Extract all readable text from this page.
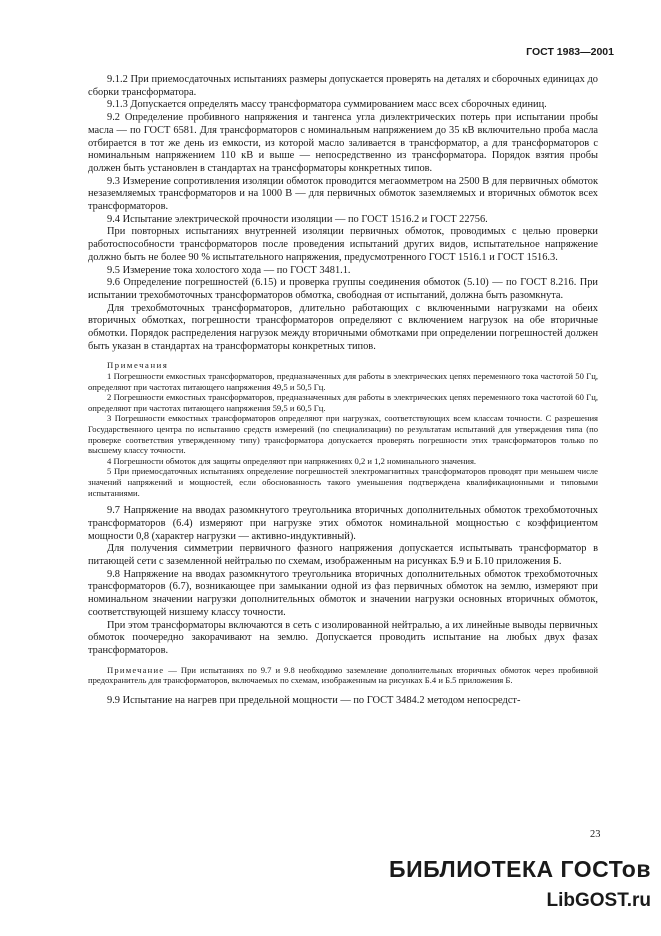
ГОСТ 1983—2001

9.1.2 При приемосдаточных испытаниях размеры допускается проверять на деталях и сборочных единицах до сборки трансформатора.

9.1.3 Допускается определять массу трансформатора суммированием масс всех сборочных единиц.

9.2 Определение пробивного напряжения и тангенса угла диэлектрических потерь при испытании пробы масла — по ГОСТ 6581. Для трансформаторов с номинальным напряжением до 35 кВ включительно проба масла отбирается в тот же день из емкости, из которой масло заливается в трансформатор, а для трансформаторов с номинальным напряжением 110 кВ и выше — непосредственно из трансформатора. Порядок взятия пробы должен быть установлен в стандартах на трансформаторы конкретных типов.

9.3 Измерение сопротивления изоляции обмоток проводится мегаомметром на 2500 В для первичных обмоток незаземляемых трансформаторов и на 1000 В — для первичных обмоток заземляемых и вторичных обмоток всех трансформаторов.

9.4 Испытание электрической прочности изоляции — по ГОСТ 1516.2 и ГОСТ 22756.

При повторных испытаниях внутренней изоляции первичных обмоток, проводимых с целью проверки работоспособности трансформаторов после проведения испытаний других видов, испытательное напряжение должно быть не более 90 % испытательного напряжения, предусмотренного ГОСТ 1516.1 и ГОСТ 1516.3.

9.5 Измерение тока холостого хода — по ГОСТ 3481.1.

9.6 Определение погрешностей (6.15) и проверка группы соединения обмоток (5.10) — по ГОСТ 8.216. При испытании трехобмоточных трансформаторов обмотка, свободная от испытаний, должна быть разомкнута.

Для трехобмоточных трансформаторов, длительно работающих с включенными нагрузками на обеих вторичных обмотках, погрешности трансформаторов определяют с включением нагрузок на обе вторичные обмотки. Порядок распределения нагрузок между вторичными обмотками при определении погрешностей должен быть указан в стандартах на трансформаторы конкретных типов.

Примечания

1 Погрешности емкостных трансформаторов, предназначенных для работы в электрических цепях переменного тока частотой 50 Гц, определяют при частотах питающего напряжения 49,5 и 50,5 Гц.

2 Погрешности емкостных трансформаторов, предназначенных для работы в электрических цепях переменного тока частотой 60 Гц, определяют при частотах питающего напряжения 59,5 и 60,5 Гц.

3 Погрешности емкостных трансформаторов определяют при нагрузках, соответствующих всем классам точности. С разрешения Государственного центра по испытанию средств измерений (по специализации) по результатам испытаний для утверждения типа (по проверке соответствия утвержденному типу) трансформатора допускается проверять погрешности этих трансформаторов только по высшему классу точности.

4 Погрешности обмоток для защиты определяют при напряжениях 0,2 и 1,2 номинального значения.

5 При приемосдаточных испытаниях определение погрешностей электромагнитных трансформаторов проводят при меньшем числе значений напряжений и мощностей, если обоснованность такого уменьшения подтверждена квалификационными и типовыми испытаниями.

9.7 Напряжение на вводах разомкнутого треугольника вторичных дополнительных обмоток трехобмоточных трансформаторов (6.4) измеряют при нагрузке этих обмоток номинальной мощностью с коэффициентом мощности 0,8 (характер нагрузки — активно-индуктивный).

Для получения симметрии первичного фазного напряжения допускается испытывать трансформатор в питающей сети с заземленной нейтралью по схемам, изображенным на рисунках Б.9 и Б.10 приложения Б.

9.8 Напряжение на вводах разомкнутого треугольника вторичных дополнительных обмоток трехобмоточных трансформаторов (6.7), возникающее при замыкании одной из фаз первичных обмоток на землю, измеряют при номинальном значении нагрузки дополнительных обмоток и значении нагрузки основных вторичных обмоток, соответствующей низшему классу точности.

При этом трансформаторы включаются в сеть с изолированной нейтралью, а их линейные выводы первичных обмоток поочередно закорачивают на землю. Допускается проводить испытание на любых двух фазах трансформаторов.

Примечание — При испытаниях по 9.7 и 9.8 необходимо заземление дополнительных вторичных обмоток через пробивной предохранитель для трансформаторов, включаемых по схемам, изображенным на рисунках Б.4 и Б.5 приложения Б.

9.9 Испытание на нагрев при предельной мощности — по ГОСТ 3484.2 методом непосредст-

23
БИБЛИОТЕКА ГОСТов
LibGOST.ru
